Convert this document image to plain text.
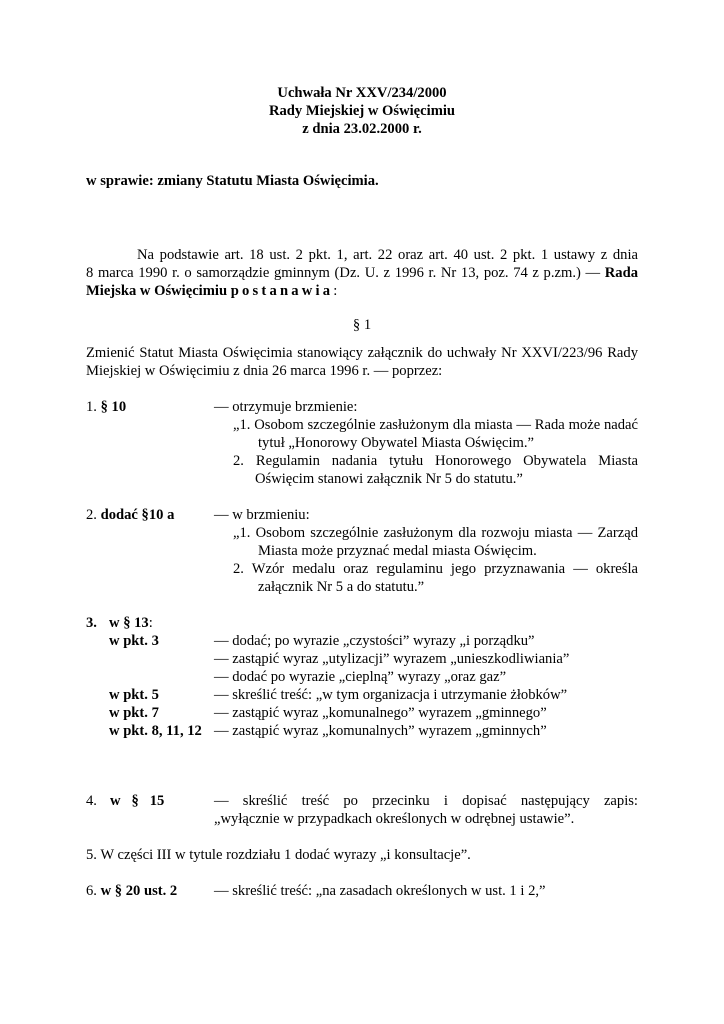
Uchwała Nr XXV/234/2000
Rady Miejskiej w Oświęcimiu
z dnia 23.02.2000 r.
w sprawie: zmiany Statutu Miasta Oświęcimia.
Na podstawie art. 18 ust. 2 pkt. 1, art. 22 oraz art. 40 ust. 2 pkt. 1 ustawy z dnia
8 marca 1990 r. o samorządzie gminnym (Dz. U. z 1996 r. Nr 13, poz. 74 z p.zm.) — Rada
Miejska w Oświęcimiu postanawia:
§ 1
Zmienić Statut Miasta Oświęcimia stanowiący załącznik do uchwały Nr XXVI/223/96 Rady
Miejskiej w Oświęcimiu z dnia 26 marca 1996 r. — poprzez:
1. § 10	— otrzymuje brzmienie:
„1. Osobom szczególnie zasłużonym dla miasta — Rada może nadać
tytuł „Honorowy Obywatel Miasta Oświęcim.”
2. Regulamin nadania tytułu Honorowego Obywatela Miasta
Oświęcim stanowi załącznik Nr 5 do statutu.”
2. dodać §10 a	— w brzmieniu:
„1. Osobom szczególnie zasłużonym dla rozwoju miasta — Zarząd
Miasta może przyznać medal miasta Oświęcim.
2. Wzór medalu oraz regulaminu jego przyznawania — określa
załącznik Nr 5 a do statutu.”
3. w § 13:
w pkt. 3	— dodać; po wyrazie „czystości” wyrazy „i porządku”
— zastąpić wyraz „utylizacji” wyrazem „unieszkodliwiania”
— dodać po wyrazie „cieplną” wyrazy „oraz gaz”
w pkt. 5	— skreślić treść: „w tym organizacja i utrzymanie żłobków”
w pkt. 7	— zastąpić wyraz „komunalnego” wyrazem „gminnego”
w pkt. 8, 11, 12 — zastąpić wyraz „komunalnych” wyrazem „gminnych”
4. w   §   15	— skreślić treść po przecinku i dopisać następujący zapis:
„wyłącznie w przypadkach określonych w odrębnej ustawie”.
5. W części III w tytule rozdziału 1 dodać wyrazy „i konsultacje”.
6. w § 20 ust. 2	— skreślić treść: „na zasadach określonych w ust. 1 i 2,”
